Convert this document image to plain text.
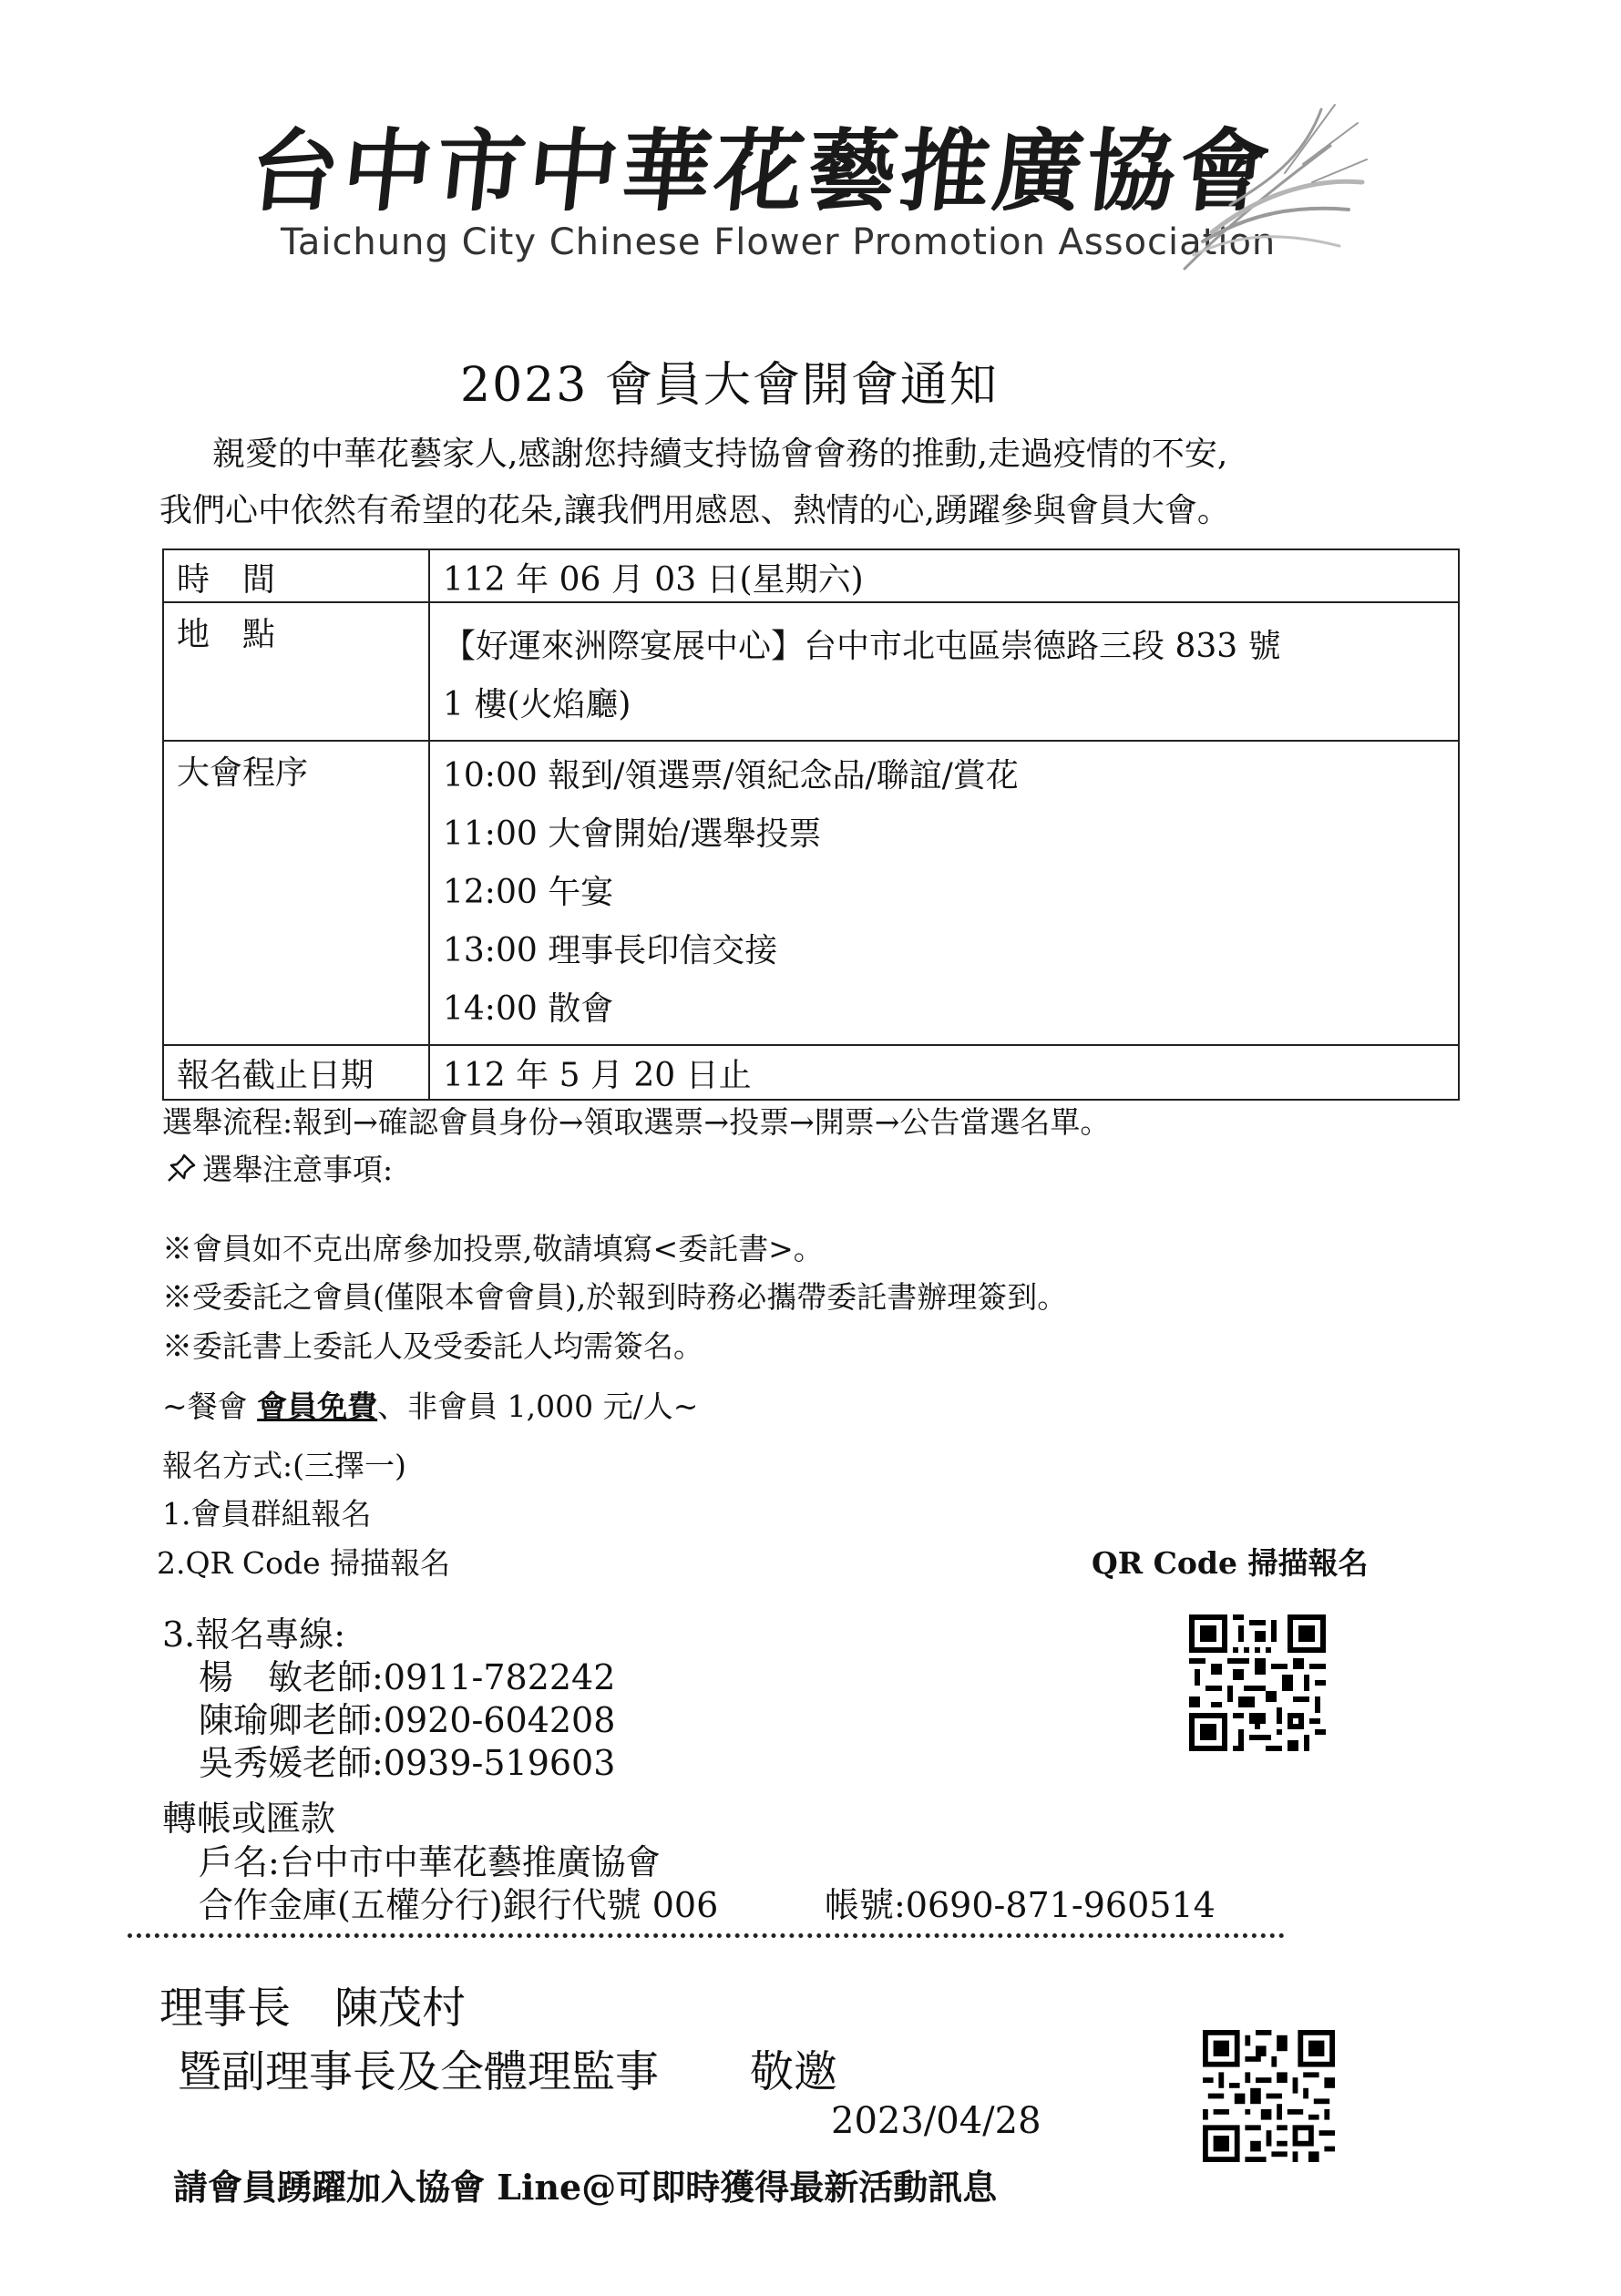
台中市中華花藝推廣協會
Taichung City Chinese Flower Promotion Association
2023 會員大會開會通知

親愛的中華花藝家人,感謝您持續支持協會會務的推動,走過疫情的不安,

我們心中依然有希望的花朵,讓我們用感恩、熱情的心,踴躍參與會員大會。

時　間	112 年 06 月 03 日(星期六)
地　點	【好運來洲際宴展中心】台中市北屯區崇德路三段 833 號
1 樓(火焰廳)

大會程序	10:00 報到/領選票/領紀念品/聯誼/賞花
11:00 大會開始/選舉投票
12:00 午宴
13:00 理事長印信交接
14:00 散會

報名截止日期	112 年 5 月 20 日止
選舉流程:報到→確認會員身份→領取選票→投票→開票→公告當選名單。
選舉注意事項:
※會員如不克出席參加投票,敬請填寫<委託書>。
※受委託之會員(僅限本會會員),於報到時務必攜帶委託書辦理簽到。
※委託書上委託人及受委託人均需簽名。
~餐會 會員免費、非會員 1,000 元/人~
報名方式:(三擇一)
1.會員群組報名
2.QR Code 掃描報名	QR Code 掃描報名
3.報名專線:
楊　敏老師:0911-782242
陳瑜卿老師:0920-604208
吳秀媛老師:0939-519603
轉帳或匯款
戶名:台中市中華花藝推廣協會
合作金庫(五權分行)銀行代號 006	帳號:0690-871-960514
理事長　陳茂村
暨副理事長及全體理監事 敬邀
2023/04/28
請會員踴躍加入協會 Line@可即時獲得最新活動訊息
